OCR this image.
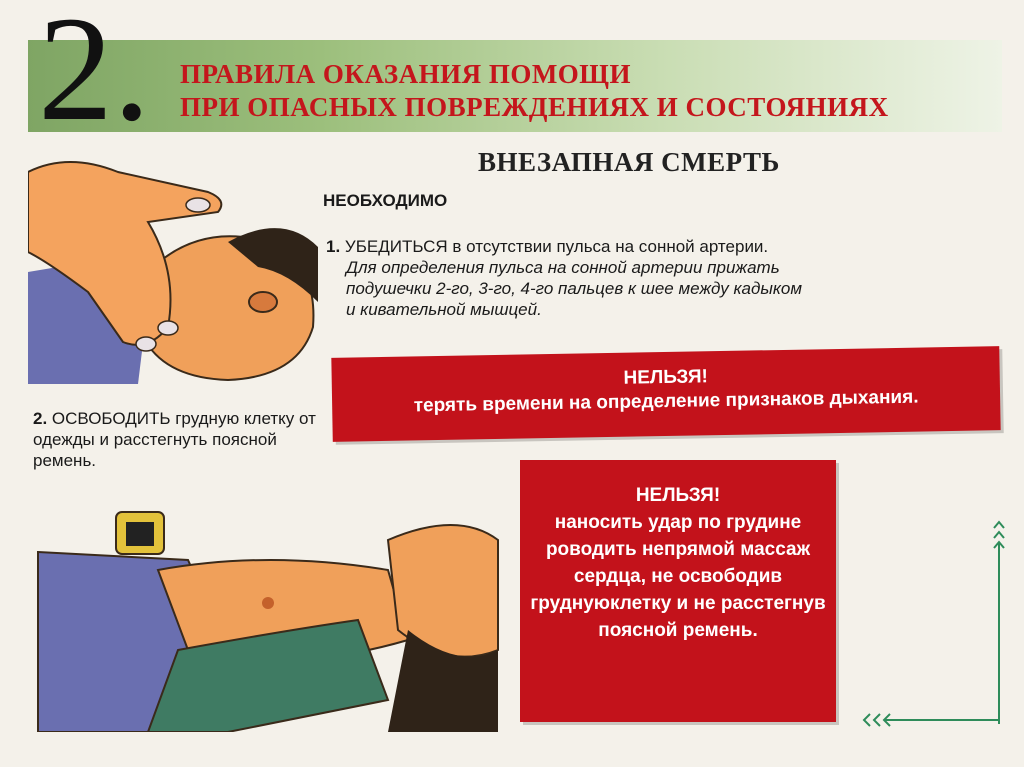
2. ПРАВИЛА ОКАЗАНИЯ ПОМОЩИ
ПРИ ОПАСНЫХ ПОВРЕЖДЕНИЯХ И СОСТОЯНИЯХ
ВНЕЗАПНАЯ СМЕРТЬ
НЕОБХОДИМО
1. УБЕДИТЬСЯ в отсутствии пульса на сонной артерии.
Для определения пульса на сонной артерии прижать
подушечки 2-го, 3-го, 4-го пальцев к шее между кадыком
и кивательной мышцей.
НЕЛЬЗЯ!
терять времени на определение признаков дыхания.
2. ОСВОБОДИТЬ грудную клетку от одежды и расстегнуть поясной ремень.
НЕЛЬЗЯ!
наносить удар по грудине роводить непрямой массаж сердца, не освободив груднуюклетку и не расстегнув поясной ремень.
